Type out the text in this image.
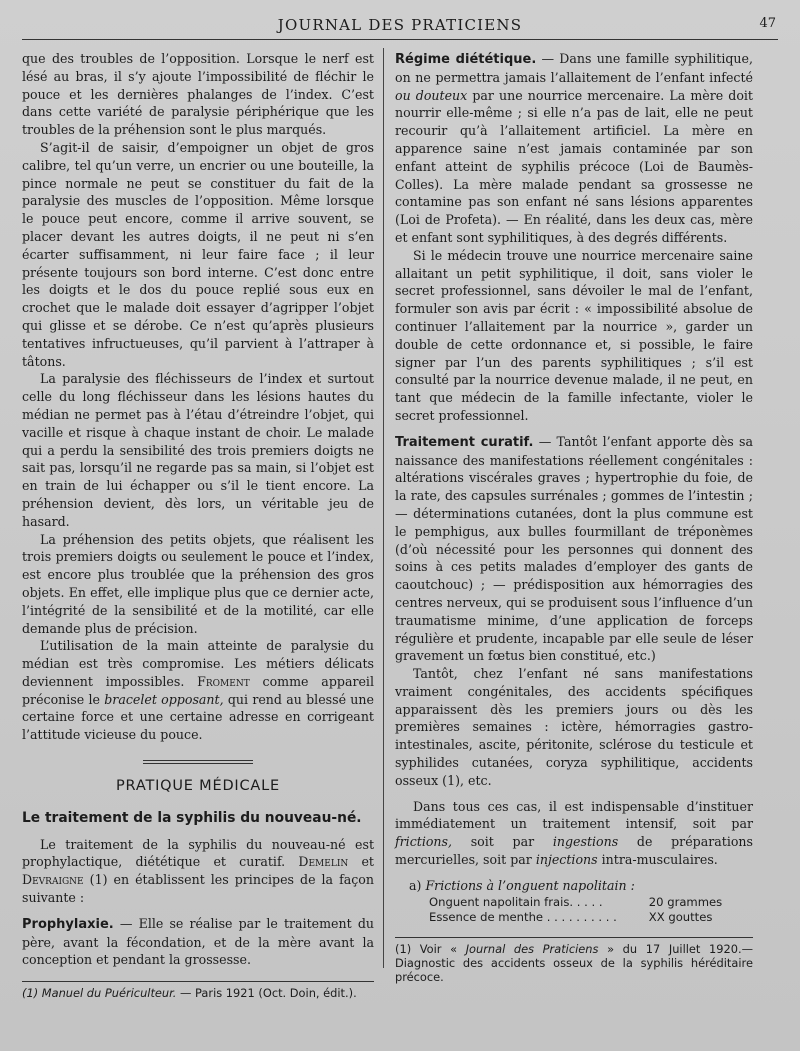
JOURNAL DES PRATICIENS	47

que des troubles de l’opposition. Lorsque le nerf est lésé au bras, il s’y ajoute l’impossibilité de fléchir le pouce et les dernières phalanges de l’index. C’est dans cette variété de paralysie périphérique que les troubles de la préhension sont le plus marqués.

S’agit-il de saisir, d’empoigner un objet de gros calibre, tel qu’un verre, un encrier ou une bouteille, la pince normale ne peut se constituer du fait de la paralysie des muscles de l’opposition. Même lorsque le pouce peut encore, comme il arrive souvent, se placer devant les autres doigts, il ne peut ni s’en écarter suffisamment, ni leur faire face ; il leur présente toujours son bord interne. C’est donc entre les doigts et le dos du pouce replié sous eux en crochet que le malade doit essayer d’agripper l’objet qui glisse et se dérobe. Ce n’est qu’après plusieurs tentatives infructueuses, qu’il parvient à l’attraper à tâtons.

La paralysie des fléchisseurs de l’index et surtout celle du long fléchisseur dans les lésions hautes du médian ne permet pas à l’étau d’étreindre l’objet, qui vacille et risque à chaque instant de choir. Le malade qui a perdu la sensibilité des trois premiers doigts ne sait pas, lorsqu’il ne regarde pas sa main, si l’objet est en train de lui échapper ou s’il le tient encore. La préhension devient, dès lors, un véritable jeu de hasard.

La préhension des petits objets, que réalisent les trois premiers doigts ou seulement le pouce et l’index, est encore plus troublée que la préhension des gros objets. En effet, elle implique plus que ce dernier acte, l’intégrité de la sensibilité et de la motilité, car elle demande plus de précision.

L’utilisation de la main atteinte de paralysie du médian est très compromise. Les métiers délicats deviennent impossibles. Froment comme appareil préconise le bracelet opposant, qui rend au blessé une certaine force et une certaine adresse en corrigeant l’attitude vicieuse du pouce.

PRATIQUE MÉDICALE
Le traitement de la syphilis du nouveau-né.

Le traitement de la syphilis du nouveau-né est prophylactique, diététique et curatif. Demelin et Devraigne (1) en établissent les principes de la façon suivante :

Prophylaxie. — Elle se réalise par le traitement du père, avant la fécondation, et de la mère avant la conception et pendant la grossesse.

(1) Manuel du Puériculteur. — Paris 1921 (Oct. Doin, édit.).

Régime diététique. — Dans une famille syphilitique, on ne permettra jamais l’allaitement de l’enfant infecté ou douteux par une nourrice mercenaire. La mère doit nourrir elle-même ; si elle n’a pas de lait, elle ne peut recourir qu’à l’allaitement artificiel. La mère en apparence saine n’est jamais contaminée par son enfant atteint de syphilis précoce (Loi de Baumès-Colles). La mère malade pendant sa grossesse ne contamine pas son enfant né sans lésions apparentes (Loi de Profeta). — En réalité, dans les deux cas, mère et enfant sont syphilitiques, à des degrés différents.

Si le médecin trouve une nourrice mercenaire saine allaitant un petit syphilitique, il doit, sans violer le secret professionnel, sans dévoiler le mal de l’enfant, formuler son avis par écrit : « impossibilité absolue de continuer l’allaitement par la nourrice », garder un double de cette ordonnance et, si possible, le faire signer par l’un des parents syphilitiques ; s’il est consulté par la nourrice devenue malade, il ne peut, en tant que médecin de la famille infectante, violer le secret professionnel.

Traitement curatif. — Tantôt l’enfant apporte dès sa naissance des manifestations réellement congénitales : altérations viscérales graves ; hypertrophie du foie, de la rate, des capsules surrénales ; gommes de l’intestin ; — déterminations cutanées, dont la plus commune est le pemphigus, aux bulles fourmillant de tréponèmes (d’où nécessité pour les personnes qui donnent des soins à ces petits malades d’employer des gants de caoutchouc) ; — prédisposition aux hémorragies des centres nerveux, qui se produisent sous l’influence d’un traumatisme minime, d’une application de forceps régulière et prudente, incapable par elle seule de léser gravement un fœtus bien constitué, etc.)

Tantôt, chez l’enfant né sans manifestations vraiment congénitales, des accidents spécifiques apparaissent dès les premiers jours ou dès les premières semaines : ictère, hémorragies gastro-intestinales, ascite, péritonite, sclérose du testicule et syphilides cutanées, coryza syphilitique, accidents osseux (1), etc.

Dans tous ces cas, il est indispensable d’instituer immédiatement un traitement intensif, soit par frictions, soit par ingestions de préparations mercurielles, soit par injections intra-musculaires.

a) Frictions à l’onguent napolitain :

Onguent napolitain frais. . . . .	20 grammes
Essence de menthe . . . . . . . . . .	XX gouttes

(1) Voir « Journal des Praticiens » du 17 Juillet 1920.— Diagnostic des accidents osseux de la syphilis héréditaire précoce.
